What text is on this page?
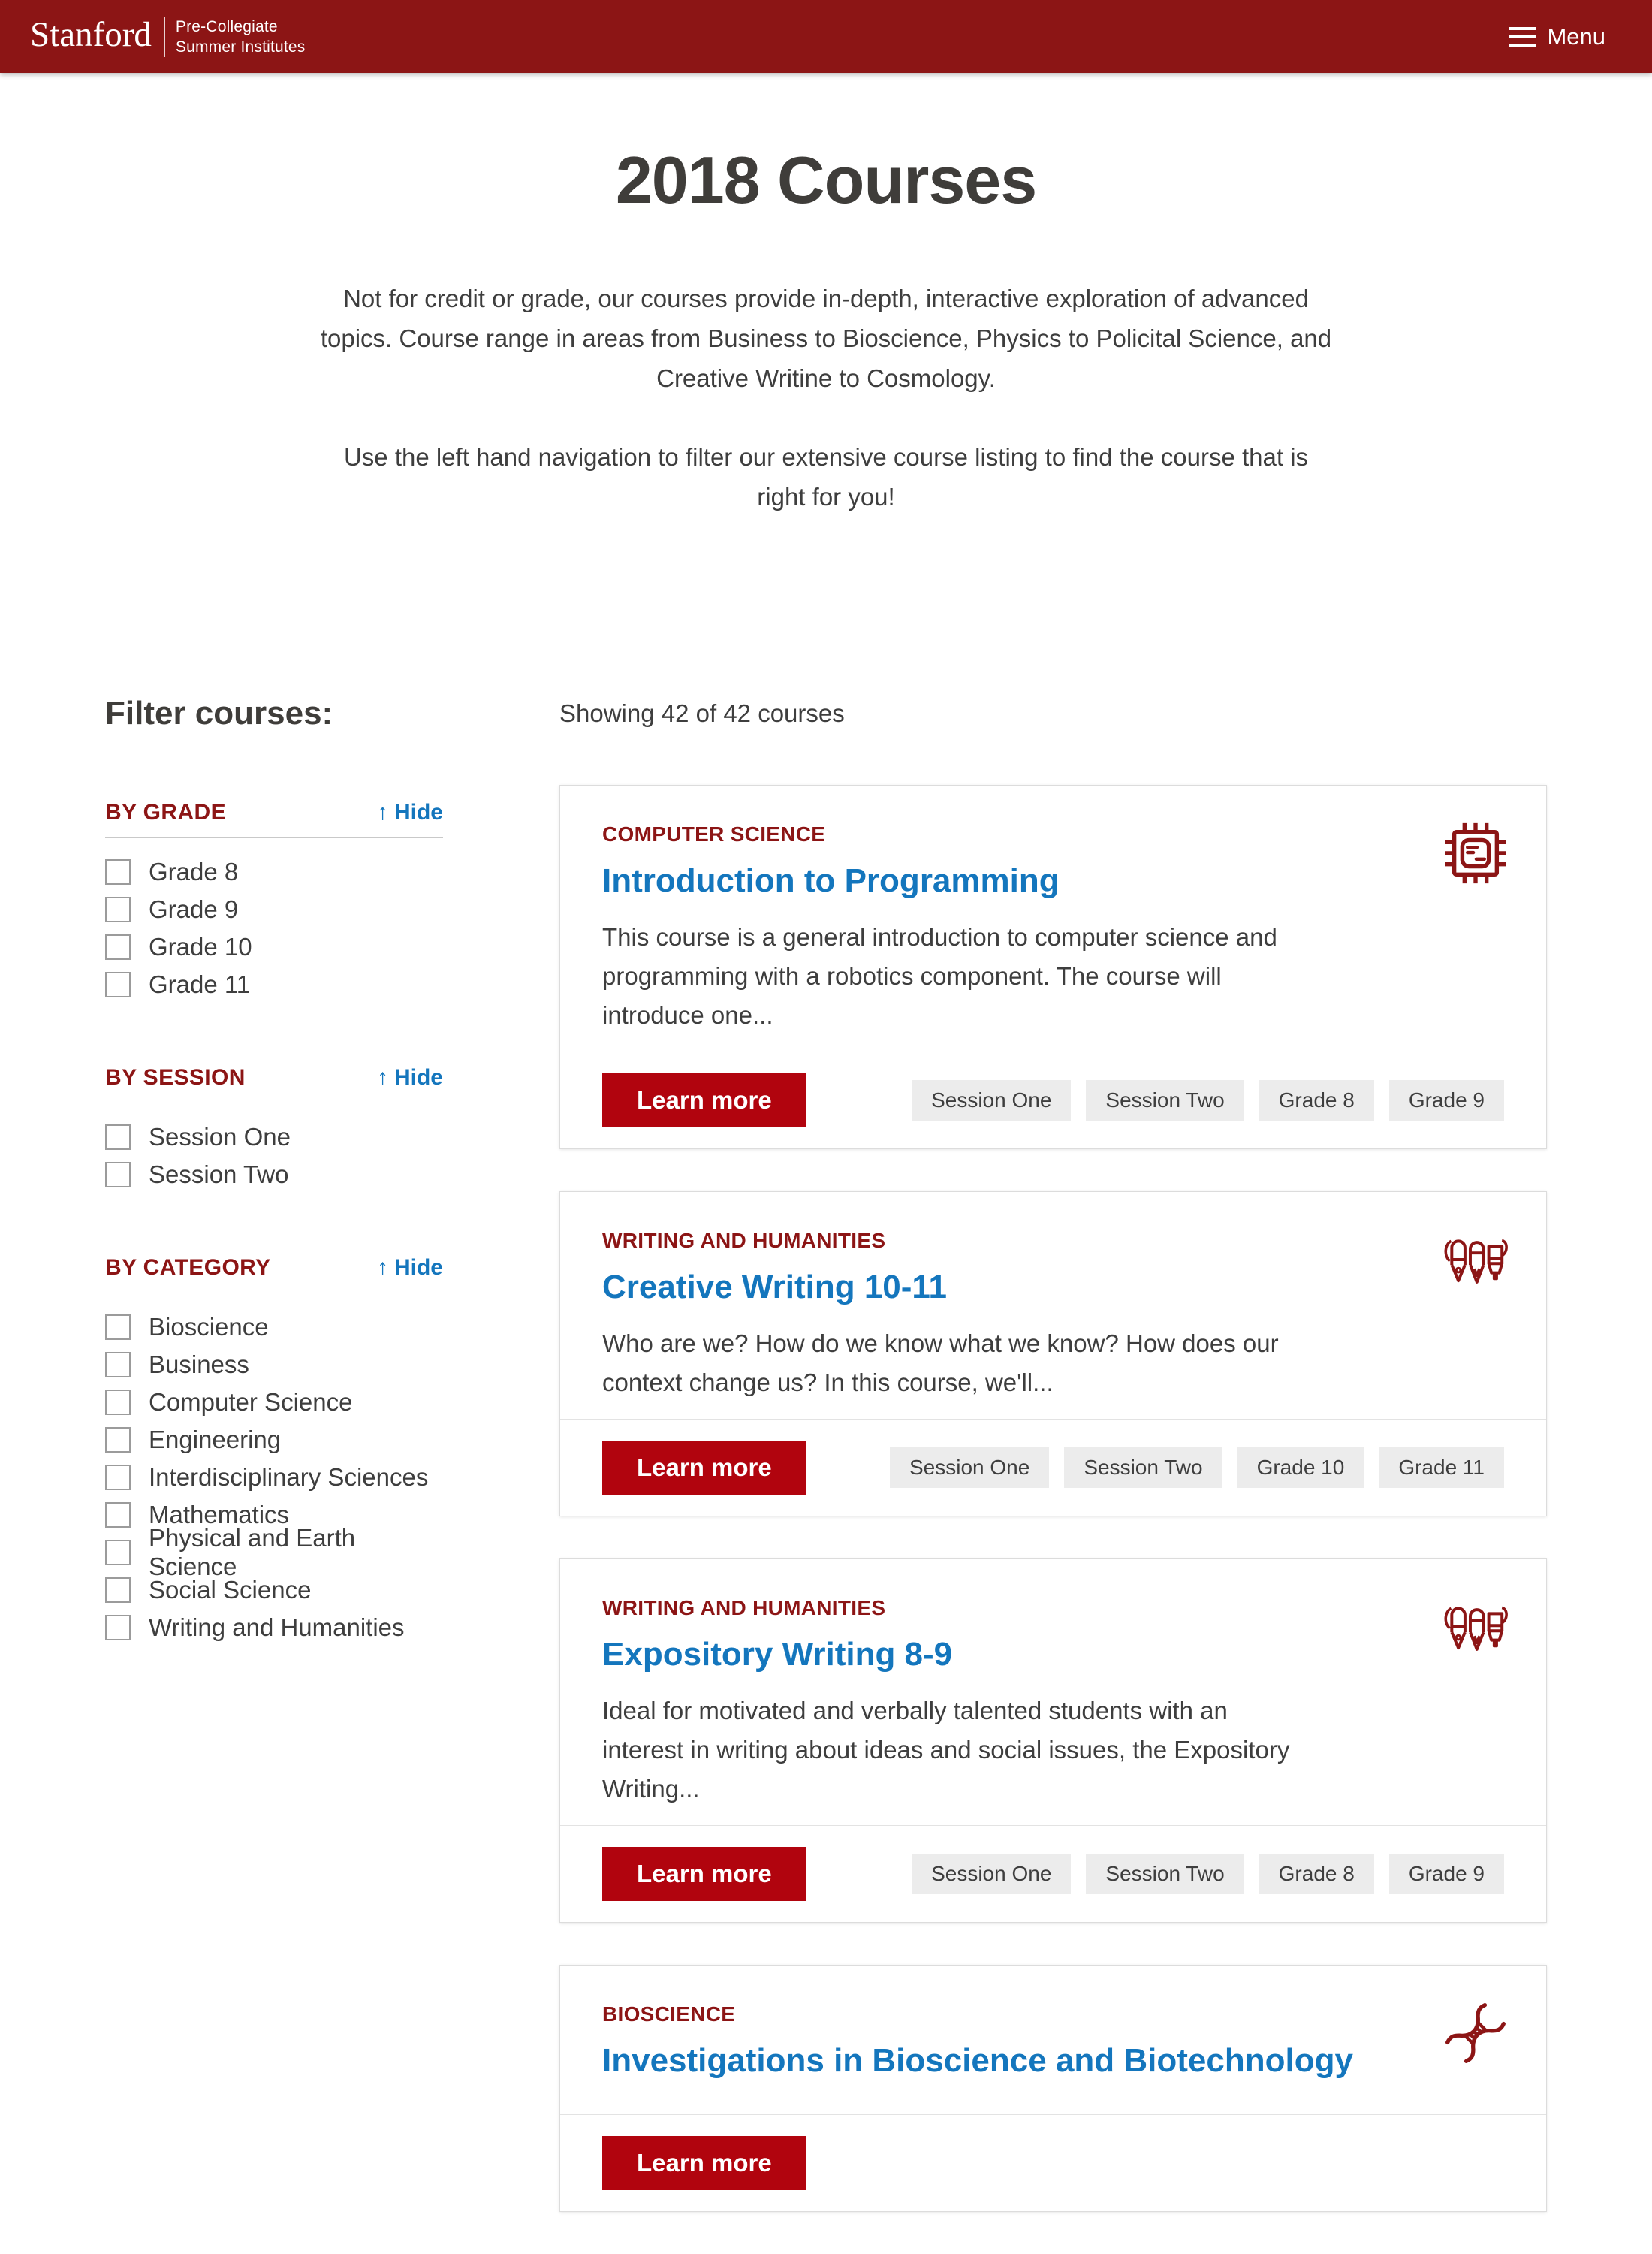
Stanford Pre-Collegiate
Summer Institutes	Menu
2018 Courses

Not for credit or grade, our courses provide in-depth, interactive exploration of advanced topics. Course range in areas from Business to Bioscience, Physics to Policital Science, and Creative Writine to Cosmology.

Use the left hand navigation to filter our extensive course listing to find the course that is right for you!

Filter courses:
BY GRADE	↑ Hide
Grade 8
Grade 9
Grade 10
Grade 11
BY SESSION	↑ Hide
Session One
Session Two
BY CATEGORY	↑ Hide
Bioscience
Business
Computer Science
Engineering
Interdisciplinary Sciences
Mathematics
Physical and Earth Science
Social Science
Writing and Humanities

Showing 42 of 42 courses

COMPUTER SCIENCE
Introduction to Programming

This course is a general introduction to computer science and programming with a robotics component. The course will introduce one...

Learn more	Session One	Session Two	Grade 8	Grade 9
WRITING AND HUMANITIES
Creative Writing 10-11

Who are we? How do we know what we know? How does our context change us? In this course, we'll...

Learn more	Session One	Session Two	Grade 10	Grade 11
WRITING AND HUMANITIES
Expository Writing 8-9

Ideal for motivated and verbally talented students with an interest in writing about ideas and social issues, the Expository Writing...

Learn more	Session One	Session Two	Grade 8	Grade 9
BIOSCIENCE
Investigations in Bioscience and Biotechnology

Learn more
